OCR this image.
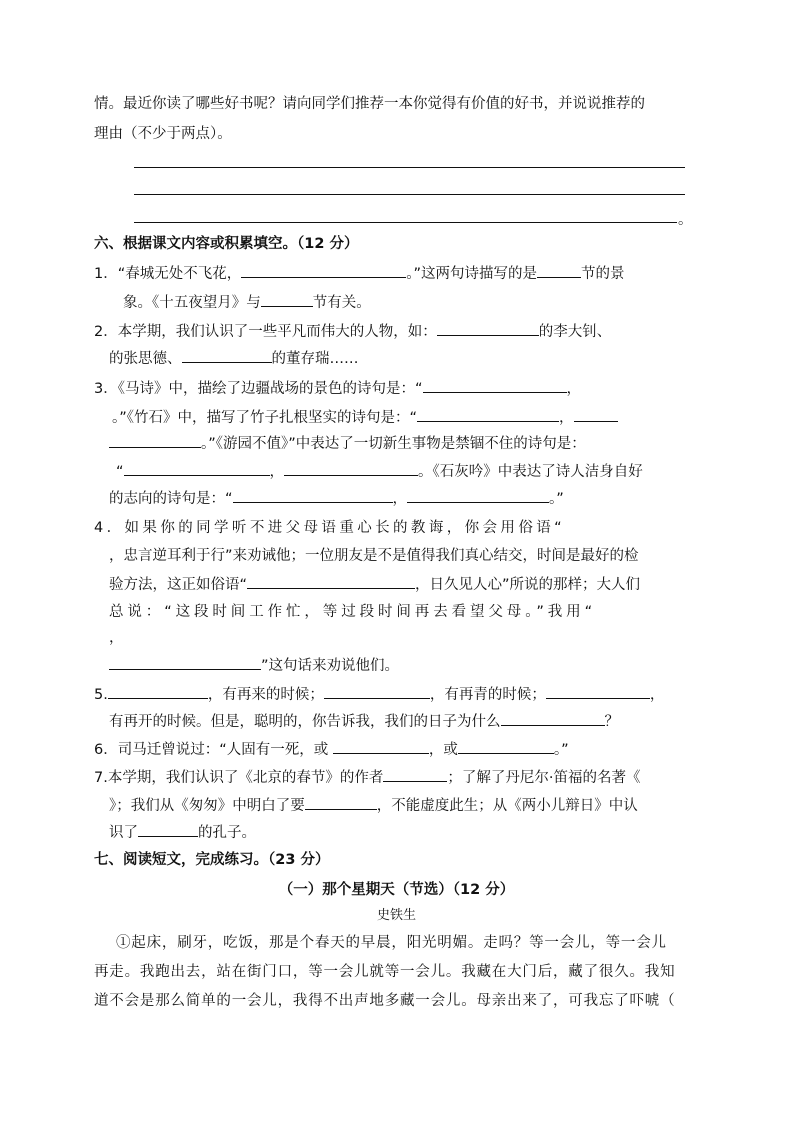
情。最近你读了哪些好书呢？请向同学们推荐一本你觉得有价值的好书，并说说推荐的
理由（不少于两点）。
。
六、根据课文内容或积累填空。（12 分）
1．“春城无处不飞花，	。”这两句诗描写的是	节的景
象。《十五夜望月》与	节有关。
2．本学期，我们认识了一些平凡而伟大的人物，如：	的李大钊、
的张思德、	的董存瑞……
3．《马诗》中，描绘了边疆战场的景色的诗句是：“	，
。”《竹石》中，描写了竹子扎根坚实的诗句是：“	，
。”《游园不值》”中表达了一切新生事物是禁锢不住的诗句是：
“	，	。《石灰吟》中表达了诗人洁身自好
的志向的诗句是：“	，	。”
4．如果你的同学听不进父母语重心长的教诲，你会用俗语“
，忠言逆耳利于行”来劝诫他；一位朋友是不是值得我们真心结交，时间是最好的检
验方法，这正如俗语“	，日久见人心”所说的那样；大人们
总说：“这段时间工作忙，等过段时间再去看望父母。”我用“
，
”这句话来劝说他们。
5.	，有再来的时候；	，有再青的时候；	，
有再开的时候。但是，聪明的，你告诉我，我们的日子为什么	？
6．司马迁曾说过：“人固有一死，或	，或	。”
7.本学期，我们认识了《北京的春节》的作者	；了解了丹尼尔·笛福的名著《
》；我们从《匆匆》中明白了要	，不能虚度此生；从《两小儿辩日》中认
识了	的孔子。
七、阅读短文，完成练习。（23 分）
（一）那个星期天（节选）（12 分）
史铁生
①起床，刷牙，吃饭，那是个春天的早晨，阳光明媚。走吗？等一会儿，等一会儿
再走。我跑出去，站在街门口，等一会儿就等一会儿。我藏在大门后，藏了很久。我知
道不会是那么简单的一会儿，我得不出声地多藏一会儿。母亲出来了，可我忘了吓唬（
